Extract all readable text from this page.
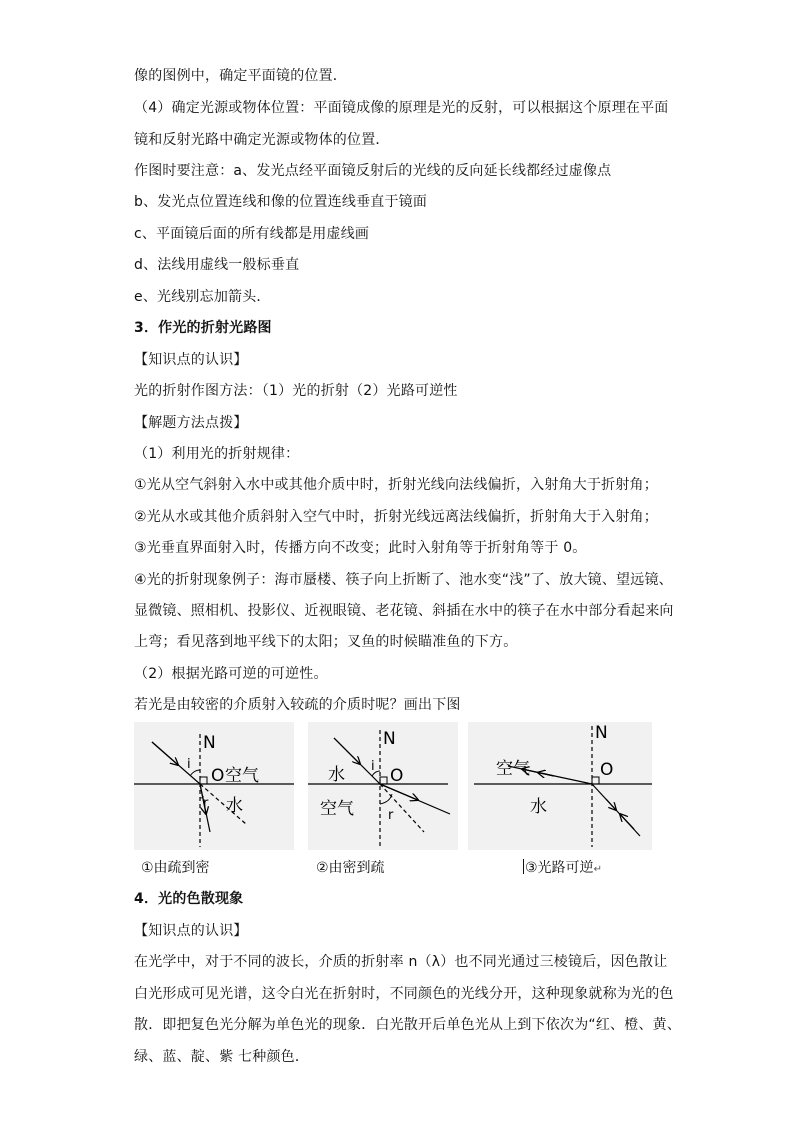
像的图例中，确定平面镜的位置．
（4）确定光源或物体位置：平面镜成像的原理是光的反射，可以根据这个原理在平面
镜和反射光路中确定光源或物体的位置．
作图时要注意：a、发光点经平面镜反射后的光线的反向延长线都经过虚像点
b、发光点位置连线和像的位置连线垂直于镜面
c、平面镜后面的所有线都是用虚线画
d、法线用虚线一般标垂直
e、光线别忘加箭头．
3．作光的折射光路图
【知识点的认识】
光的折射作图方法：（1）光的折射（2）光路可逆性
【解题方法点拨】
（1）利用光的折射规律：
①光从空气斜射入水中或其他介质中时，折射光线向法线偏折，入射角大于折射角；
②光从水或其他介质斜射入空气中时，折射光线远离法线偏折，折射角大于入射角；
③光垂直界面射入时，传播方向不改变；此时入射角等于折射角等于 0。
④光的折射现象例子：海市蜃楼、筷子向上折断了、池水变“浅”了、放大镜、望远镜、
显微镜、照相机、投影仪、近视眼镜、老花镜、斜插在水中的筷子在水中部分看起来向
上弯；看见落到地平线下的太阳；叉鱼的时候瞄准鱼的下方。
（2）根据光路可逆的可逆性。
若光是由较密的介质射入较疏的介质时呢？画出下图
N
i
O 空气
水
r
N
i O
水
空气	r
N
O
空气
水
①由疏到密	②由密到疏	③光路可逆↵
4．光的色散现象
【知识点的认识】
在光学中，对于不同的波长，介质的折射率 n（λ）也不同光通过三棱镜后，因色散让
白光形成可见光谱，这令白光在折射时，不同颜色的光线分开，这种现象就称为光的色
散．即把复色光分解为单色光的现象．白光散开后单色光从上到下依次为“红、橙、黄、
绿、蓝、靛、紫 七种颜色．
